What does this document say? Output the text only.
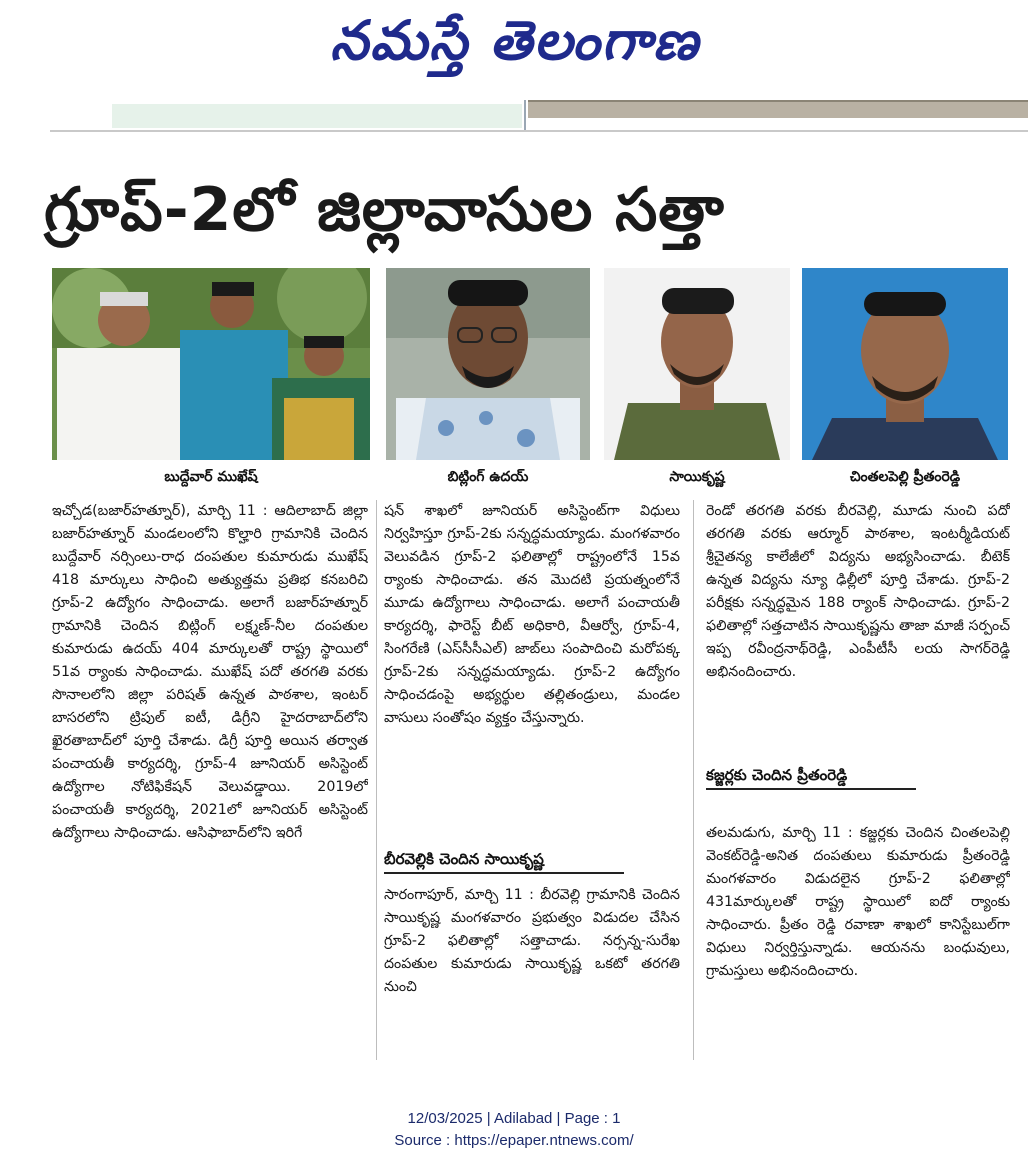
నమస్తే తెలంగాణ
గ్రూప్‌-2లో జిల్లావాసుల సత్తా
బుద్దేవార్‌ ముఖేష్‌	బిట్లింగ్‌ ఉదయ్‌	సాయికృష్ణ	చింతలపెల్లి ప్రీతంరెడ్డి

ఇచ్చోడ(బజార్‌హత్నూర్‌), మార్చి 11 : ఆదిలాబాద్‌ జిల్లా బజార్‌హత్నూర్‌ మండలంలోని కొల్హారి గ్రామానికి చెందిన బుద్దేవార్‌ నర్సింలు-రాధ దంపతుల కుమారుడు ముఖేష్‌ 418 మార్కులు సాధించి అత్యుత్తమ ప్రతిభ కనబరిచి గ్రూప్‌-2 ఉద్యోగం సాధించాడు. అలాగే బజార్‌హత్నూర్‌ గ్రామానికి చెందిన బిట్లింగ్‌ లక్ష్మణ్‌-నీల దంపతుల కుమారుడు ఉదయ్‌ 404 మార్కులతో రాష్ట్ర స్థాయిలో 51వ ర్యాంకు సాధించాడు. ముఖేష్‌ పదో తరగతి వరకు సొనాలలోని జిల్లా పరిషత్‌ ఉన్నత పాఠశాల, ఇంటర్‌ బాసరలోని ట్రిపుల్‌ ఐటీ, డిగ్రీని హైదరాబాద్‌లోని ఖైరతాబాద్‌లో పూర్తి చేశాడు. డిగ్రీ పూర్తి అయిన తర్వాత పంచాయతీ కార్యదర్శి, గ్రూప్‌-4 జూనియర్‌ అసిస్టెంట్‌ ఉద్యోగాల నోటిఫికేషన్‌ వెలువడ్డాయి. 2019లో పంచాయతీ కార్యదర్శి, 2021లో జూనియర్‌ అసిస్టెంట్‌ ఉద్యోగాలు సాధించాడు. ఆసిఫాబాద్‌లోని ఇరిగే

షన్‌ శాఖలో జూనియర్‌ అసిస్టెంట్‌గా విధులు నిర్వహిస్తూ గ్రూప్‌-2కు సన్నద్ధమయ్యాడు. మంగళవారం వెలువడిన గ్రూప్‌-2 ఫలితాల్లో రాష్ట్రంలోనే 15వ ర్యాంకు సాధించాడు. తన మొదటి ప్రయత్నంలోనే మూడు ఉద్యోగాలు సాధించాడు. అలాగే పంచాయతీ కార్యదర్శి, ఫారెస్ట్‌ బీట్‌ అధికారి, వీఆర్వో, గ్రూప్‌-4, సింగరేణి (ఎస్‌సీసీఎల్‌) జాబ్‌లు సంపాదించి మరోపక్క గ్రూప్‌-2కు సన్నద్ధమయ్యాడు. గ్రూప్‌-2 ఉద్యోగం సాధించడంపై అభ్యర్థుల తల్లితండ్రులు, మండల వాసులు సంతోషం వ్యక్తం చేస్తున్నారు.

బీరవెల్లికి చెందిన సాయికృష్ణ

సారంగాపూర్‌, మార్చి 11 : బీరవెల్లి గ్రామానికి చెందిన సాయికృష్ణ మంగళవారం ప్రభుత్వం విడుదల చేసిన గ్రూప్‌-2 ఫలితాల్లో సత్తాచాడు. నర్సన్న-సురేఖ దంపతుల కుమారుడు సాయికృష్ణ ఒకటో తరగతి నుంచి

రెండో తరగతి వరకు బీరవెల్లి, మూడు నుంచి పదో తరగతి వరకు ఆర్మూర్‌ పాఠశాల, ఇంటర్మీడియట్‌ శ్రీచైతన్య కాలేజీలో విద్యను అభ్యసించాడు. బీటెక్‌ ఉన్నత విద్యను న్యూ ఢిల్లీలో పూర్తి చేశాడు. గ్రూప్‌-2 పరీక్షకు సన్నద్ధమైన 188 ర్యాంక్‌ సాధించాడు. గ్రూప్‌-2 ఫలితాల్లో సత్తచాటిన సాయికృష్ణను తాజా మాజీ సర్పంచ్‌ ఇప్ప రవీంద్రనాథ్‌రెడ్డి, ఎంపీటీసీ లయ సాగర్‌రెడ్డి అభినందించారు.

కజ్జర్లకు చెందిన ప్రీతంరెడ్డి

తలమడుగు, మార్చి 11 : కజ్జర్లకు చెందిన చింతలపెల్లి వెంకట్‌రెడ్డి-అనిత దంపతులు కుమారుడు ప్రీతంరెడ్డి మంగళవారం విడుదలైన గ్రూప్‌-2 ఫలితాల్లో 431మార్కులతో రాష్ట్ర స్థాయిలో ఐదో ర్యాంకు సాధించారు. ప్రీతం రెడ్డి రవాణా శాఖలో కానిస్టేబుల్‌గా విధులు నిర్వర్తిస్తున్నాడు. ఆయనను బంధువులు, గ్రామస్తులు అభినందించారు.

12/03/2025 | Adilabad | Page : 1
Source : https://epaper.ntnews.com/
